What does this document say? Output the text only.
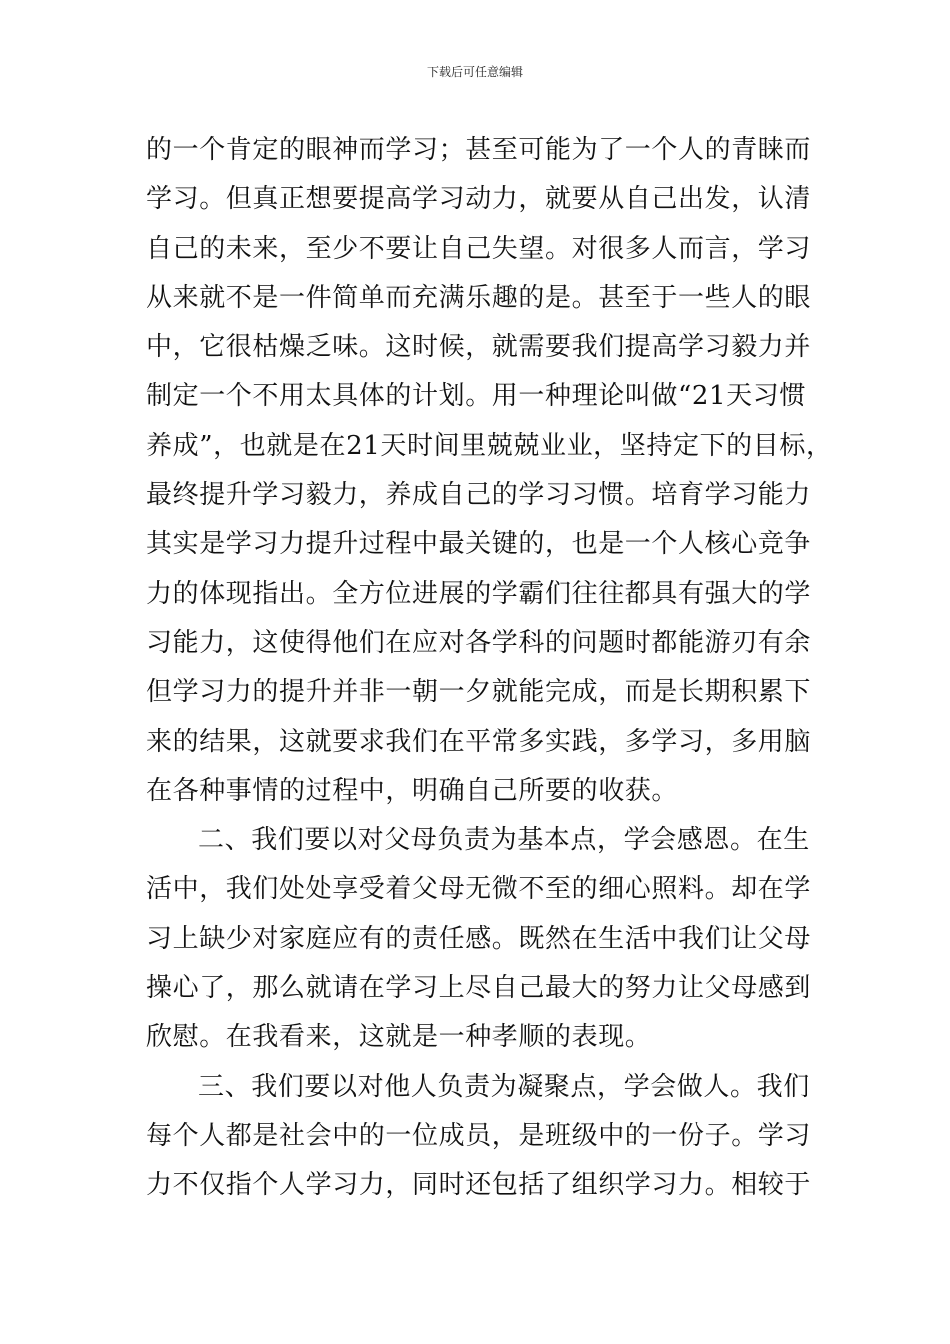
下载后可任意编辑
的一个肯定的眼神而学习；甚至可能为了一个人的青睐而
学习。但真正想要提高学习动力，就要从自己出发，认清
自己的未来，至少不要让自己失望。对很多人而言，学习
从来就不是一件简单而充满乐趣的是。甚至于一些人的眼
中，它很枯燥乏味。这时候，就需要我们提高学习毅力并
制定一个不用太具体的计划。用一种理论叫做“21天习惯
养成”，也就是在21天时间里兢兢业业，坚持定下的目标，
最终提升学习毅力，养成自己的学习习惯。培育学习能力
其实是学习力提升过程中最关键的，也是一个人核心竞争
力的体现指出。全方位进展的学霸们往往都具有强大的学
习能力，这使得他们在应对各学科的问题时都能游刃有余
但学习力的提升并非一朝一夕就能完成，而是长期积累下
来的结果，这就要求我们在平常多实践，多学习，多用脑
在各种事情的过程中，明确自己所要的收获。
二、我们要以对父母负责为基本点，学会感恩。在生
活中，我们处处享受着父母无微不至的细心照料。却在学
习上缺少对家庭应有的责任感。既然在生活中我们让父母
操心了，那么就请在学习上尽自己最大的努力让父母感到
欣慰。在我看来，这就是一种孝顺的表现。
三、我们要以对他人负责为凝聚点，学会做人。我们
每个人都是社会中的一位成员，是班级中的一份子。学习
力不仅指个人学习力，同时还包括了组织学习力。相较于
